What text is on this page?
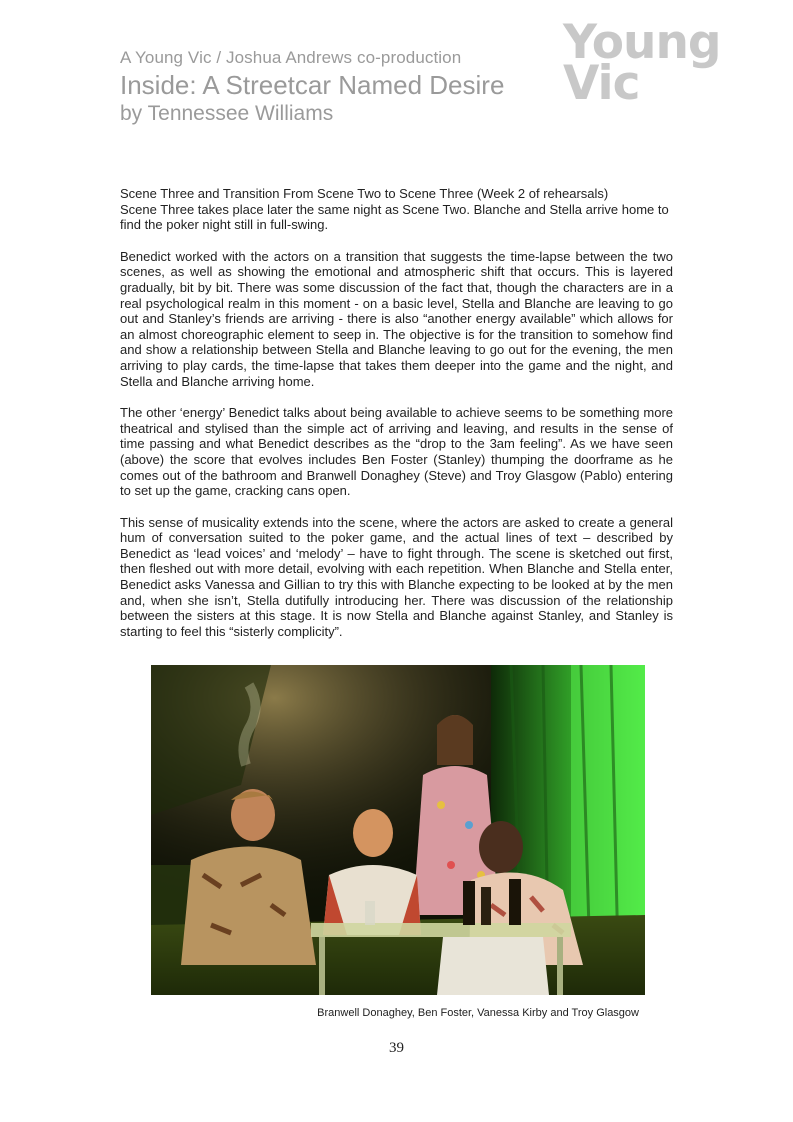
A Young Vic / Joshua Andrews co-production
Inside: A Streetcar Named Desire
by Tennessee Williams
Young
Vic

Scene Three and Transition From Scene Two to Scene Three (Week 2 of rehearsals)
Scene Three takes place later the same night as Scene Two. Blanche and Stella arrive home to find the poker night still in full-swing.

Benedict worked with the actors on a transition that suggests the time-lapse between the two scenes, as well as showing the emotional and atmospheric shift that occurs. This is layered gradually, bit by bit. There was some discussion of the fact that, though the characters are in a real psychological realm in this moment - on a basic level, Stella and Blanche are leaving to go out and Stanley’s friends are arriving - there is also “another energy available” which allows for an almost choreographic element to seep in. The objective is for the transition to somehow find and show a relationship between Stella and Blanche leaving to go out for the evening, the men arriving to play cards, the time-lapse that takes them deeper into the game and the night, and Stella and Blanche arriving home.

The other ‘energy’ Benedict talks about being available to achieve seems to be something more theatrical and stylised than the simple act of arriving and leaving, and results in the sense of time passing and what Benedict describes as the “drop to the 3am feeling”. As we have seen (above) the score that evolves includes Ben Foster (Stanley) thumping the doorframe as he comes out of the bathroom and Branwell Donaghey (Steve) and Troy Glasgow (Pablo) entering to set up the game, cracking cans open.

This sense of musicality extends into the scene, where the actors are asked to create a general hum of conversation suited to the poker game, and the actual lines of text – described by Benedict as ‘lead voices’ and ‘melody’ – have to fight through. The scene is sketched out first, then fleshed out with more detail, evolving with each repetition. When Blanche and Stella enter, Benedict asks Vanessa and Gillian to try this with Blanche expecting to be looked at by the men and, when she isn’t, Stella dutifully introducing her. There was discussion of the relationship between the sisters at this stage. It is now Stella and Blanche against Stanley, and Stanley is starting to feel this “sisterly complicity”.

Branwell Donaghey, Ben Foster, Vanessa Kirby and Troy Glasgow
39
